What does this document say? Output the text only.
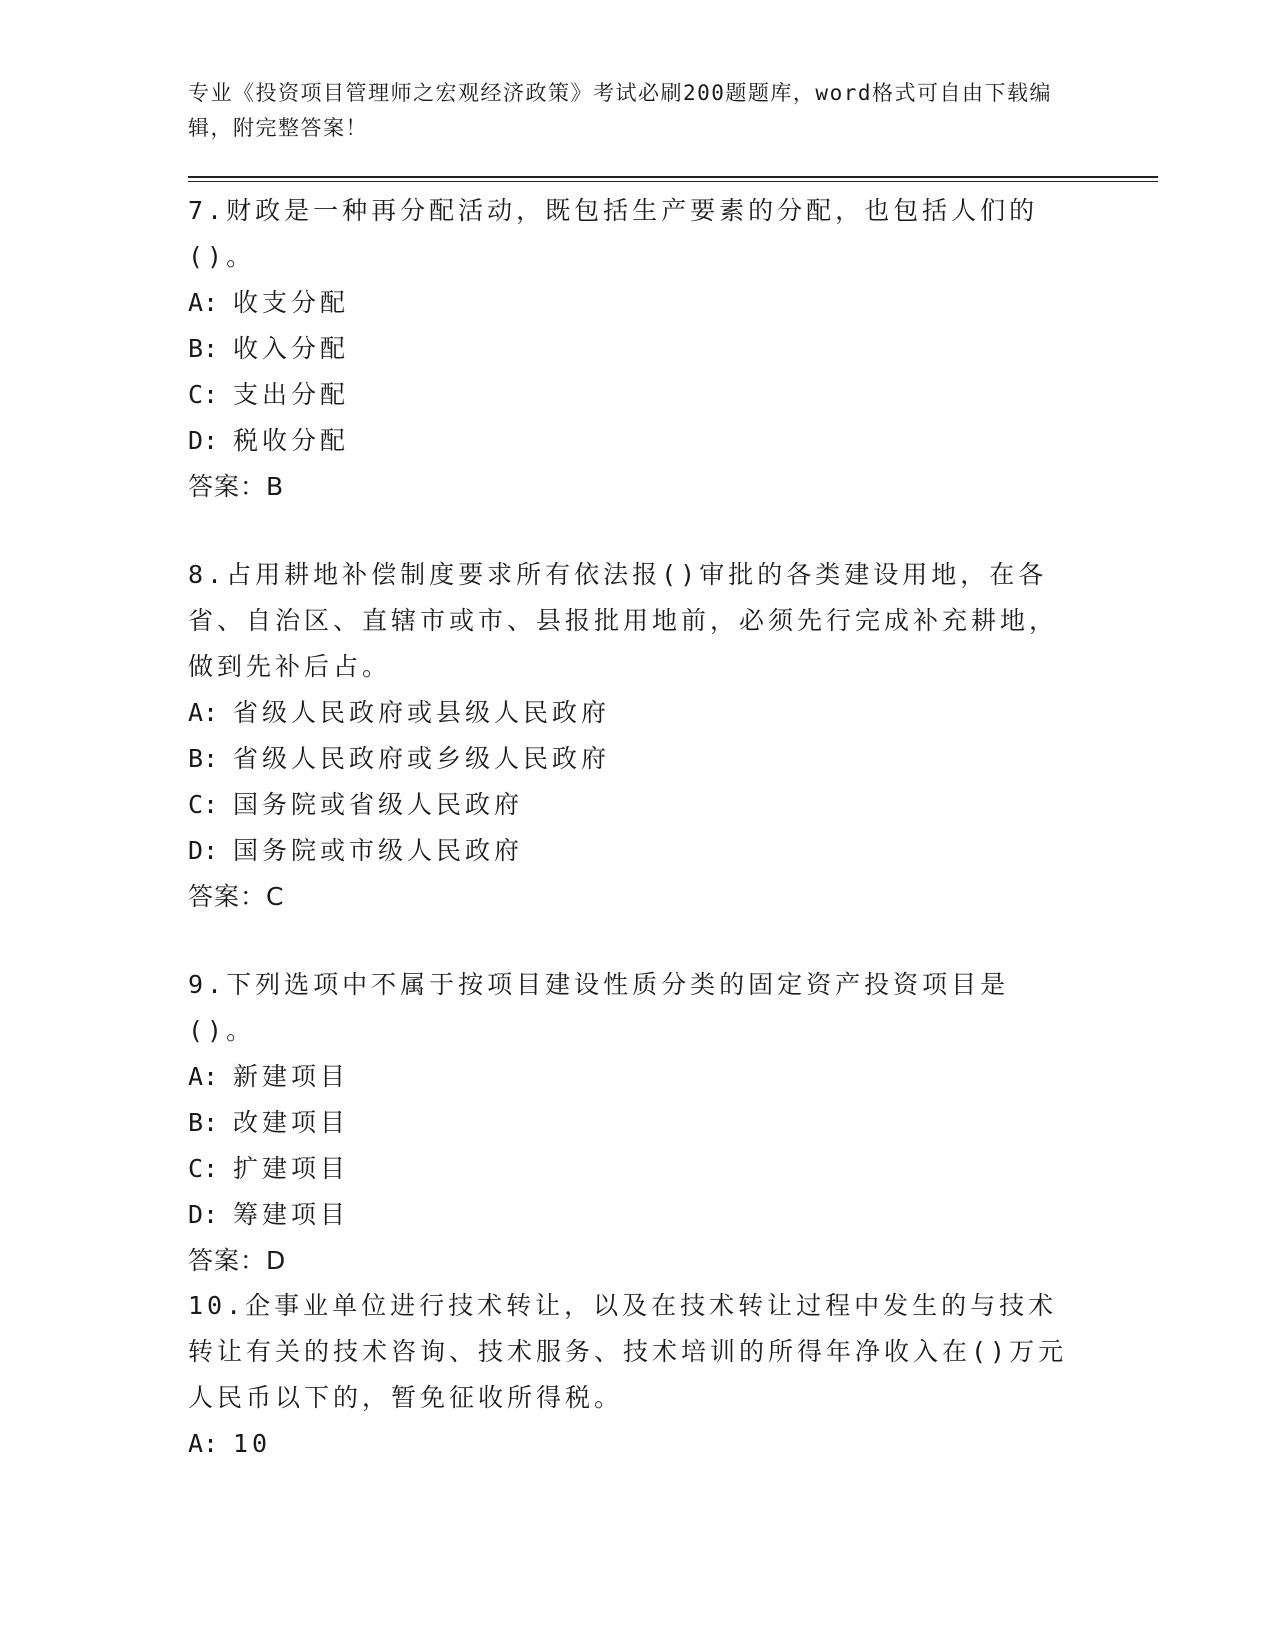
专业《投资项目管理师之宏观经济政策》考试必刷200题题库，word格式可自由下载编辑，附完整答案！

7.财政是一种再分配活动，既包括生产要素的分配，也包括人们的()。

A: 收支分配
B: 收入分配
C: 支出分配
D: 税收分配
答案：B

8.占用耕地补偿制度要求所有依法报()审批的各类建设用地，在各省、自治区、直辖市或市、县报批用地前，必须先行完成补充耕地，做到先补后占。

A: 省级人民政府或县级人民政府
B: 省级人民政府或乡级人民政府
C: 国务院或省级人民政府
D: 国务院或市级人民政府
答案：C

9.下列选项中不属于按项目建设性质分类的固定资产投资项目是()。

A: 新建项目
B: 改建项目
C: 扩建项目
D: 筹建项目
答案：D

10.企事业单位进行技术转让，以及在技术转让过程中发生的与技术转让有关的技术咨询、技术服务、技术培训的所得年净收入在()万元人民币以下的，暂免征收所得税。

A: 10
